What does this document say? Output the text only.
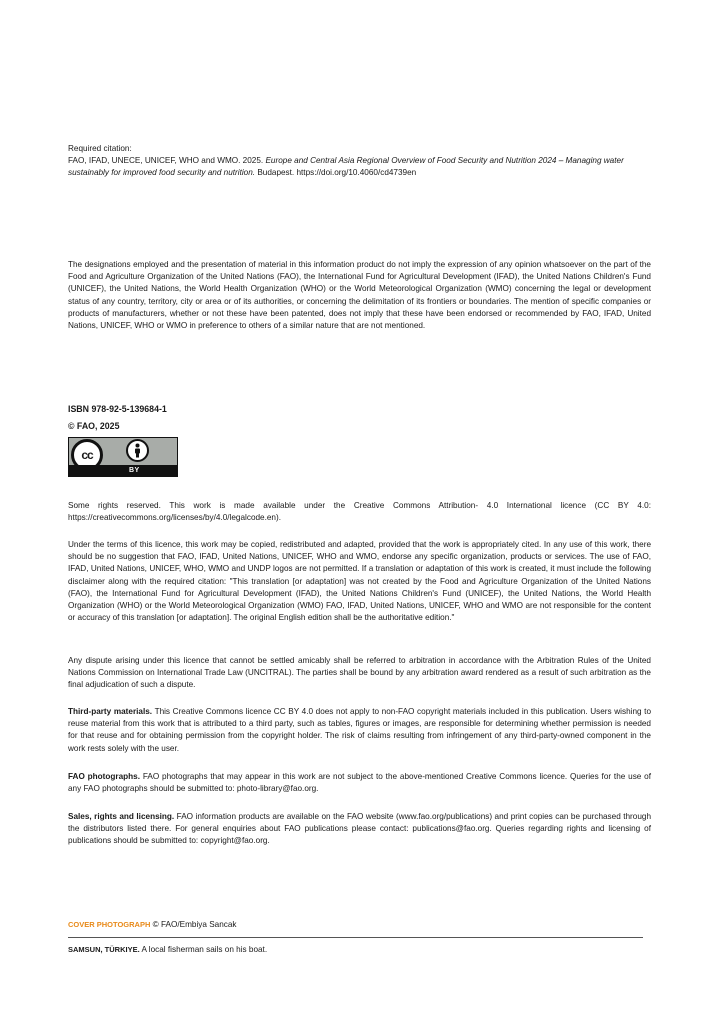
Required citation:
FAO, IFAD, UNECE, UNICEF, WHO and WMO. 2025. Europe and Central Asia Regional Overview of Food Security and Nutrition 2024 – Managing water sustainably for improved food security and nutrition. Budapest. https://doi.org/10.4060/cd4739en
The designations employed and the presentation of material in this information product do not imply the expression of any opinion whatsoever on the part of the Food and Agriculture Organization of the United Nations (FAO), the International Fund for Agricultural Development (IFAD), the United Nations Children's Fund (UNICEF), the United Nations, the World Health Organization (WHO) or the World Meteorological Organization (WMO) concerning the legal or development status of any country, territory, city or area or of its authorities, or concerning the delimitation of its frontiers or boundaries. The mention of specific companies or products of manufacturers, whether or not these have been patented, does not imply that these have been endorsed or recommended by FAO, IFAD, United Nations, UNICEF, WHO or WMO in preference to others of a similar nature that are not mentioned.
ISBN 978-92-5-139684-1
© FAO, 2025
cc
BY
Some rights reserved. This work is made available under the Creative Commons Attribution- 4.0 International licence (CC BY 4.0: https://creativecommons.org/licenses/by/4.0/legalcode.en).
Under the terms of this licence, this work may be copied, redistributed and adapted, provided that the work is appropriately cited. In any use of this work, there should be no suggestion that FAO, IFAD, United Nations, UNICEF, WHO and WMO, endorse any specific organization, products or services. The use of FAO, IFAD, United Nations, UNICEF, WHO, WMO and UNDP logos are not permitted. If a translation or adaptation of this work is created, it must include the following disclaimer along with the required citation: "This translation [or adaptation] was not created by the Food and Agriculture Organization of the United Nations (FAO), the International Fund for Agricultural Development (IFAD), the United Nations Children's Fund (UNICEF), the United Nations, the World Health Organization (WHO) or the World Meteorological Organization (WMO) FAO, IFAD, United Nations, UNICEF, WHO and WMO are not responsible for the content or accuracy of this translation [or adaptation]. The original English edition shall be the authoritative edition."
Any dispute arising under this licence that cannot be settled amicably shall be referred to arbitration in accordance with the Arbitration Rules of the United Nations Commission on International Trade Law (UNCITRAL). The parties shall be bound by any arbitration award rendered as a result of such arbitration as the final adjudication of such a dispute.
Third-party materials. This Creative Commons licence CC BY 4.0 does not apply to non-FAO copyright materials included in this publication. Users wishing to reuse material from this work that is attributed to a third party, such as tables, figures or images, are responsible for determining whether permission is needed for that reuse and for obtaining permission from the copyright holder. The risk of claims resulting from infringement of any third-party-owned component in the work rests solely with the user.
FAO photographs. FAO photographs that may appear in this work are not subject to the above-mentioned Creative Commons licence. Queries for the use of any FAO photographs should be submitted to: photo-library@fao.org.
Sales, rights and licensing. FAO information products are available on the FAO website (www.fao.org/publications) and print copies can be purchased through the distributors listed there. For general enquiries about FAO publications please contact: publications@fao.org. Queries regarding rights and licensing of publications should be submitted to: copyright@fao.org.
COVER PHOTOGRAPH © FAO/Embiya Sancak
SAMSUN, TÜRKIYE. A local fisherman sails on his boat.
